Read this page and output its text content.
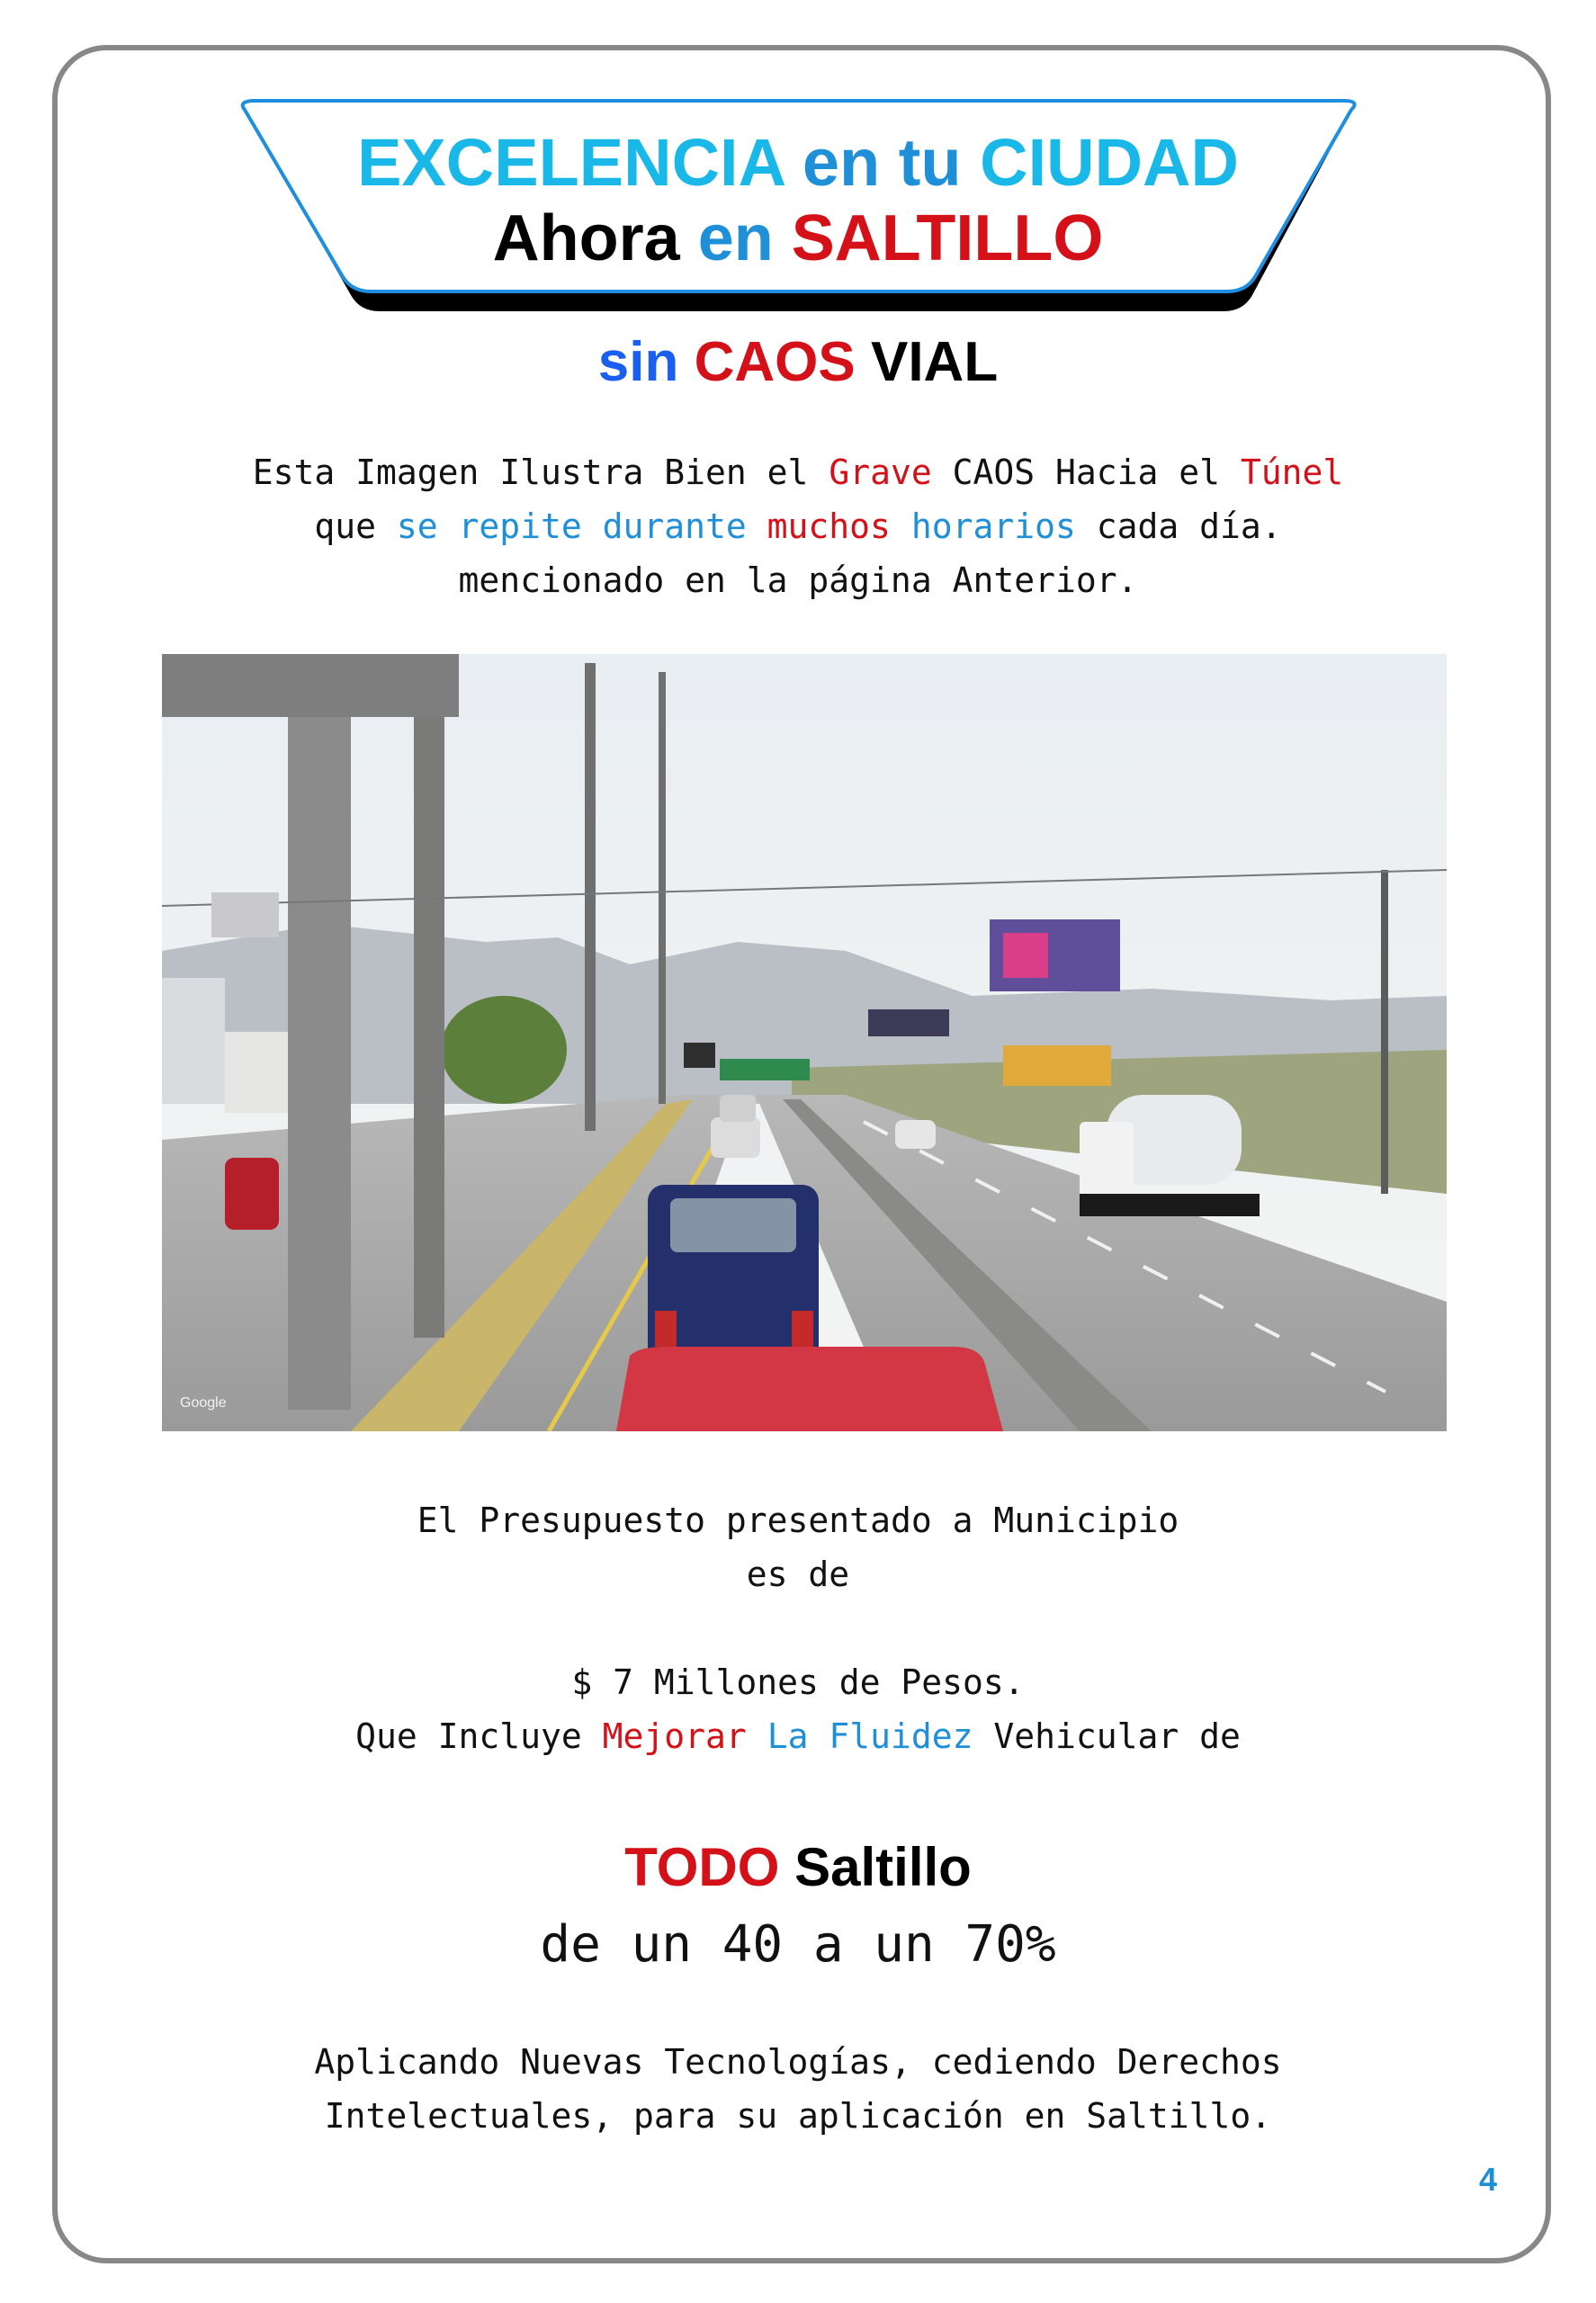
EXCELENCIA en tu CIUDAD
Ahora en SALTILLO
sin CAOS VIAL
Esta Imagen Ilustra Bien el Grave CAOS Hacia el Túnel
que se repite durante muchos horarios cada día.
mencionado en la página Anterior.
Google
El Presupuesto presentado a Municipio
es de
$ 7 Millones de Pesos.
Que Incluye Mejorar La Fluidez Vehicular de
TODO Saltillo
de un 40 a un 70%
Aplicando Nuevas Tecnologías, cediendo Derechos
Intelectuales, para su aplicación en Saltillo.
4
